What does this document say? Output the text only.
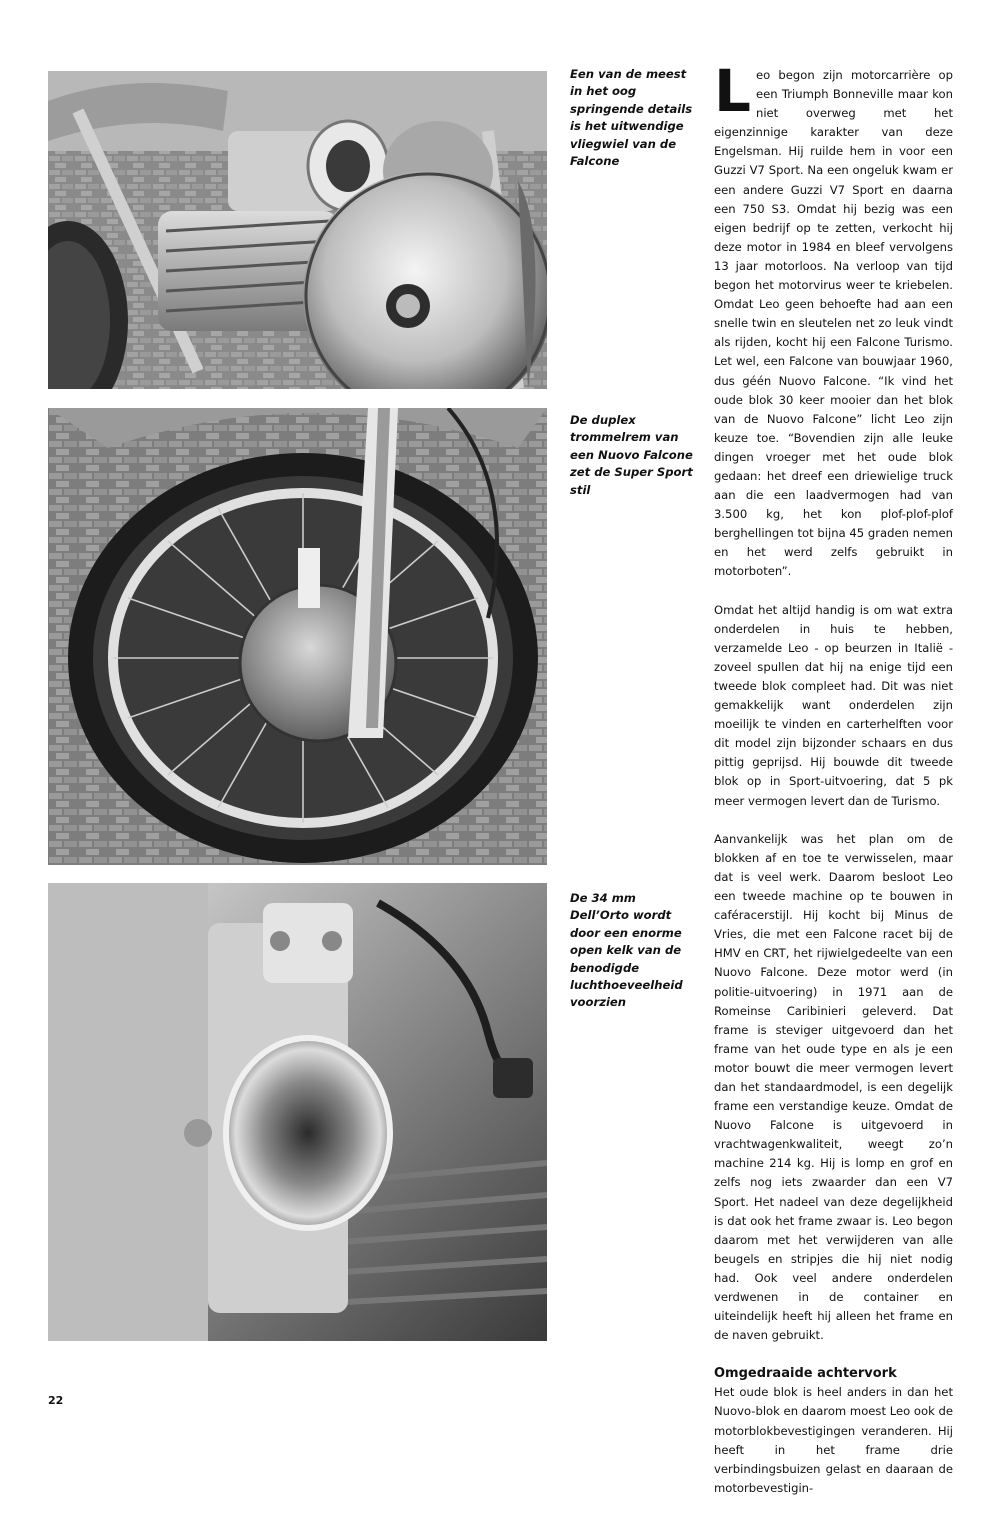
Een van de meest in het oog springende details is het uitwendige vliegwiel van de Falcone

De duplex trommelrem van een Nuovo Falcone zet de Super Sport stil

De 34 mm Dell’Orto wordt door een enorme open kelk van de benodigde luchthoeveelheid voorzien

Leo begon zijn motorcarrière op een Triumph Bonneville maar kon niet overweg met het eigenzinnige karakter van deze Engelsman. Hij ruilde hem in voor een Guzzi V7 Sport. Na een ongeluk kwam er een andere Guzzi V7 Sport en daarna een 750 S3. Omdat hij bezig was een eigen bedrijf op te zetten, verkocht hij deze motor in 1984 en bleef vervolgens 13 jaar motorloos. Na verloop van tijd begon het motorvirus weer te kriebelen. Omdat Leo geen behoefte had aan een snelle twin en sleutelen net zo leuk vindt als rijden, kocht hij een Falcone Turismo. Let wel, een Falcone van bouwjaar 1960, dus géén Nuovo Falcone. “Ik vind het oude blok 30 keer mooier dan het blok van de Nuovo Falcone” licht Leo zijn keuze toe. “Bovendien zijn alle leuke dingen vroeger met het oude blok gedaan: het dreef een driewielige truck aan die een laadvermogen had van 3.500 kg, het kon plof-plof-plof berghellingen tot bijna 45 graden nemen en het werd zelfs gebruikt in motorboten”.

Omdat het altijd handig is om wat extra onderdelen in huis te hebben, verzamelde Leo - op beurzen in Italië - zoveel spullen dat hij na enige tijd een tweede blok compleet had. Dit was niet gemakkelijk want onderdelen zijn moeilijk te vinden en carterhelften voor dit model zijn bijzonder schaars en dus pittig geprijsd. Hij bouwde dit tweede blok op in Sport-uitvoering, dat 5 pk meer vermogen levert dan de Turismo.

Aanvankelijk was het plan om de blokken af en toe te verwisselen, maar dat is veel werk. Daarom besloot Leo een tweede machine op te bouwen in caféracerstijl. Hij kocht bij Minus de Vries, die met een Falcone racet bij de HMV en CRT, het rijwielgedeelte van een Nuovo Falcone. Deze motor werd (in politie-uitvoering) in 1971 aan de Romeinse Caribinieri geleverd. Dat frame is steviger uitgevoerd dan het frame van het oude type en als je een motor bouwt die meer vermogen levert dan het standaardmodel, is een degelijk frame een verstandige keuze. Omdat de Nuovo Falcone is uitgevoerd in vrachtwagenkwaliteit, weegt zo’n machine 214 kg. Hij is lomp en grof en zelfs nog iets zwaarder dan een V7 Sport. Het nadeel van deze degelijkheid is dat ook het frame zwaar is. Leo begon daarom met het verwijderen van alle beugels en stripjes die hij niet nodig had. Ook veel andere onderdelen verdwenen in de container en uiteindelijk heeft hij alleen het frame en de naven gebruikt.

Omgedraaide achtervork

Het oude blok is heel anders in dan het Nuovo-blok en daarom moest Leo ook de motorblokbevestigingen veranderen. Hij heeft in het frame drie verbindingsbuizen gelast en daaraan de motorbevestigin-

22
